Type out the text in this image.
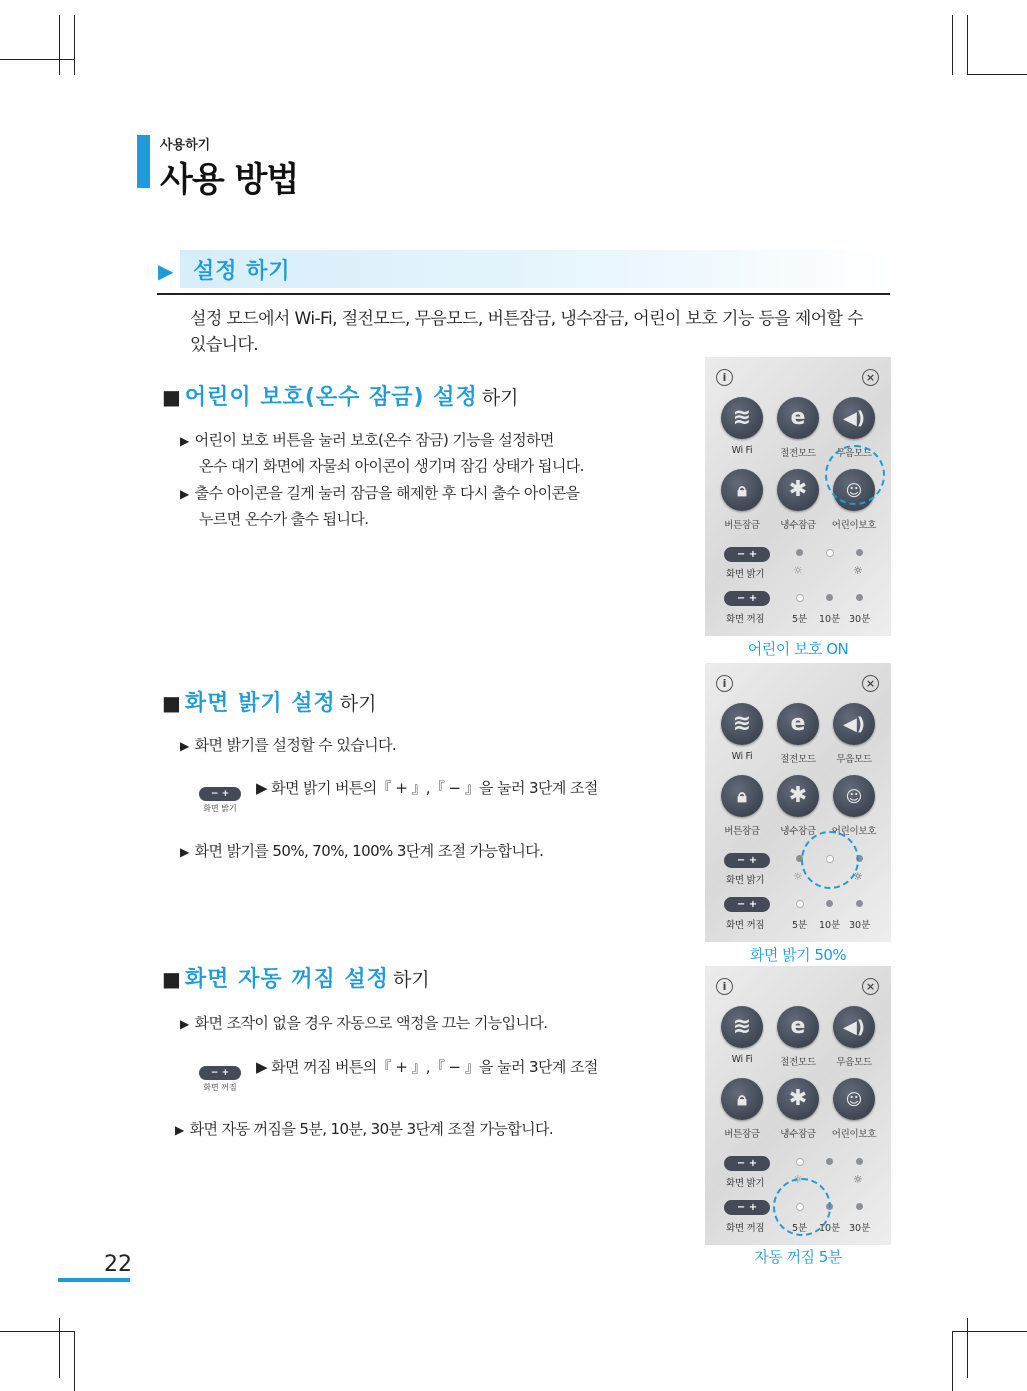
사용하기
사용 방법
▶ 설정 하기
설정 모드에서 Wi-Fi, 절전모드, 무음모드, 버튼잠금, 냉수잠금, 어린이 보호 기능 등을 제어할 수 있습니다.
■ 어린이 보호(온수 잠금) 설정 하기
▶ 어린이 보호 버튼을 눌러 보호(온수 잠금) 기능을 설정하면
온수 대기 화면에 자물쇠 아이콘이 생기며 잠김 상태가 됩니다.
▶ 출수 아이콘을 길게 눌러 잠금을 해제한 후 다시 출수 아이콘을
누르면 온수가 출수 됩니다.
■ 화면 밝기 설정 하기
▶ 화면 밝기를 설정할 수 있습니다.
− +
화면 밝기
▶ 화면 밝기 버튼의『 + 』,『 − 』을 눌러 3단계 조절
▶ 화면 밝기를 50%, 70%, 100% 3단계 조절 가능합니다.
■ 화면 자동 꺼짐 설정 하기
▶ 화면 조작이 없을 경우 자동으로 액정을 끄는 기능입니다.
− +
화면 꺼짐
▶ 화면 꺼짐 버튼의『 + 』,『 − 』을 눌러 3단계 조절
▶ 화면 자동 꺼짐을 5분, 10분, 30분 3단계 조절 가능합니다.
22
i	×
≋	e	◀)
Wi Fi	절전모드	무음모드
🔒︎	✱	☺
버튼잠금	냉수잠금	어린이보호
− +
화면 밝기	☼	☼
− +
화면 꺼짐	5분 10분 30분
어린이 보호 ON
i	×
≋	e	◀)
Wi Fi	절전모드	무음모드
🔒︎	✱	☺
버튼잠금	냉수잠금	어린이보호
− +
화면 밝기	☼	☼
− +
화면 꺼짐	5분 10분 30분
화면 밝기 50%
i	×
≋	e	◀)
Wi Fi	절전모드	무음모드
🔒︎	✱	☺
버튼잠금	냉수잠금	어린이보호
− +
화면 밝기	☼	☼
− +
화면 꺼짐	5분 10분 30분
자동 꺼짐 5분
